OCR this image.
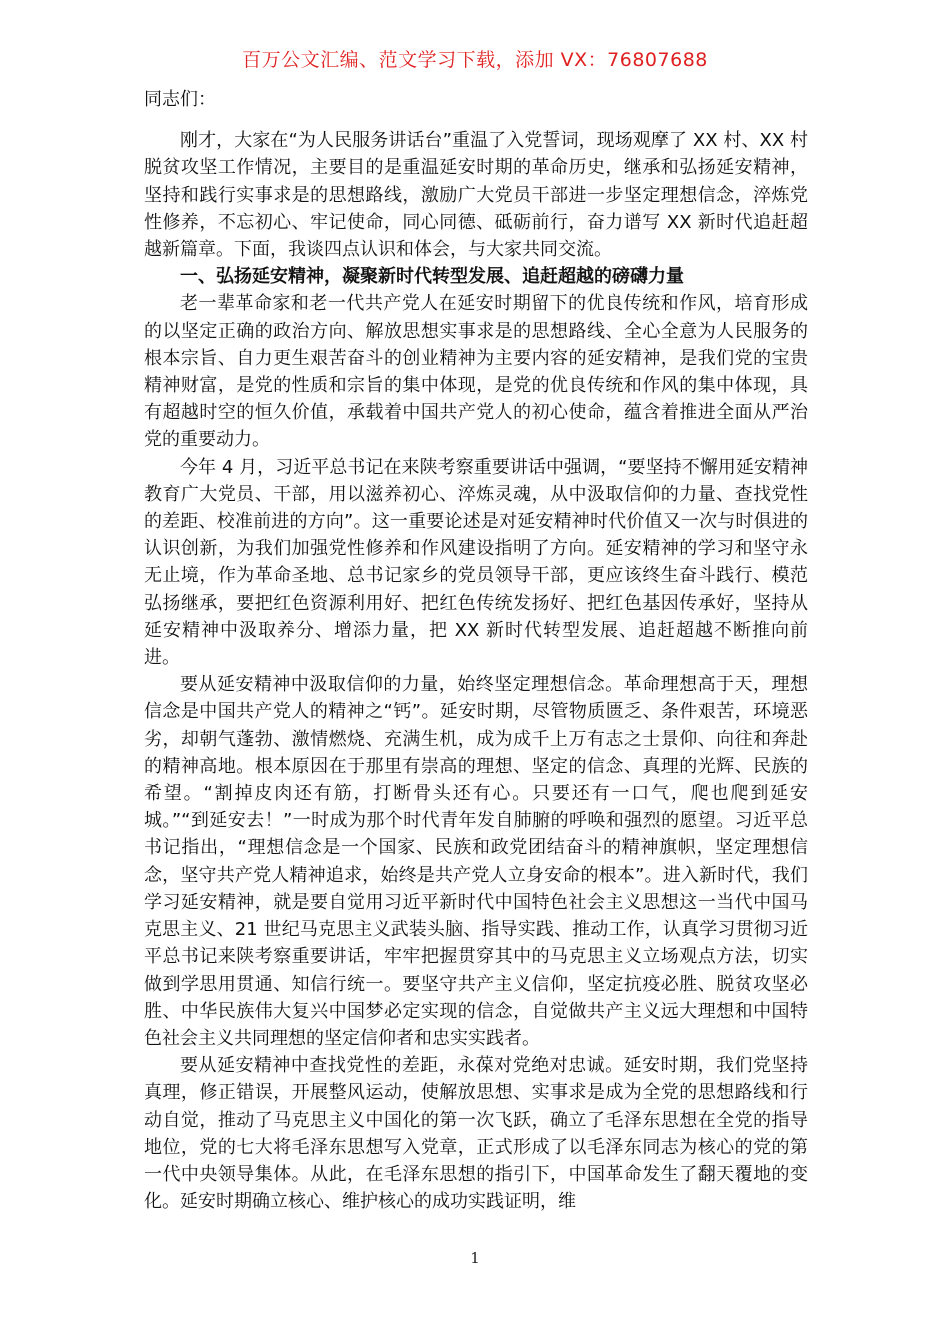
百万公文汇编、范文学习下载，添加 VX：76807688

同志们：

刚才，大家在“为人民服务讲话台”重温了入党誓词，现场观摩了 XX 村、XX 村脱贫攻坚工作情况，主要目的是重温延安时期的革命历史，继承和弘扬延安精神，坚持和践行实事求是的思想路线，激励广大党员干部进一步坚定理想信念，淬炼党性修养，不忘初心、牢记使命，同心同德、砥砺前行，奋力谱写 XX 新时代追赶超越新篇章。下面，我谈四点认识和体会，与大家共同交流。

一、弘扬延安精神，凝聚新时代转型发展、追赶超越的磅礴力量

老一辈革命家和老一代共产党人在延安时期留下的优良传统和作风，培育形成的以坚定正确的政治方向、解放思想实事求是的思想路线、全心全意为人民服务的根本宗旨、自力更生艰苦奋斗的创业精神为主要内容的延安精神，是我们党的宝贵精神财富，是党的性质和宗旨的集中体现，是党的优良传统和作风的集中体现，具有超越时空的恒久价值，承载着中国共产党人的初心使命，蕴含着推进全面从严治党的重要动力。

今年 4 月，习近平总书记在来陕考察重要讲话中强调，“要坚持不懈用延安精神教育广大党员、干部，用以滋养初心、淬炼灵魂，从中汲取信仰的力量、查找党性的差距、校准前进的方向”。这一重要论述是对延安精神时代价值又一次与时俱进的认识创新，为我们加强党性修养和作风建设指明了方向。延安精神的学习和坚守永无止境，作为革命圣地、总书记家乡的党员领导干部，更应该终生奋斗践行、模范弘扬继承，要把红色资源利用好、把红色传统发扬好、把红色基因传承好，坚持从延安精神中汲取养分、增添力量，把 XX 新时代转型发展、追赶超越不断推向前进。

要从延安精神中汲取信仰的力量，始终坚定理想信念。革命理想高于天，理想信念是中国共产党人的精神之“钙”。延安时期，尽管物质匮乏、条件艰苦，环境恶劣，却朝气蓬勃、激情燃烧、充满生机，成为成千上万有志之士景仰、向往和奔赴的精神高地。根本原因在于那里有崇高的理想、坚定的信念、真理的光辉、民族的希望。“割掉皮肉还有筋，打断骨头还有心。只要还有一口气，爬也爬到延安城。”“到延安去！”一时成为那个时代青年发自肺腑的呼唤和强烈的愿望。习近平总书记指出，“理想信念是一个国家、民族和政党团结奋斗的精神旗帜，坚定理想信念，坚守共产党人精神追求，始终是共产党人立身安命的根本”。进入新时代，我们学习延安精神，就是要自觉用习近平新时代中国特色社会主义思想这一当代中国马克思主义、21 世纪马克思主义武装头脑、指导实践、推动工作，认真学习贯彻习近平总书记来陕考察重要讲话，牢牢把握贯穿其中的马克思主义立场观点方法，切实做到学思用贯通、知信行统一。要坚守共产主义信仰，坚定抗疫必胜、脱贫攻坚必胜、中华民族伟大复兴中国梦必定实现的信念，自觉做共产主义远大理想和中国特色社会主义共同理想的坚定信仰者和忠实实践者。

要从延安精神中查找党性的差距，永葆对党绝对忠诚。延安时期，我们党坚持真理，修正错误，开展整风运动，使解放思想、实事求是成为全党的思想路线和行动自觉，推动了马克思主义中国化的第一次飞跃，确立了毛泽东思想在全党的指导地位，党的七大将毛泽东思想写入党章，正式形成了以毛泽东同志为核心的党的第一代中央领导集体。从此，在毛泽东思想的指引下，中国革命发生了翻天覆地的变化。延安时期确立核心、维护核心的成功实践证明，维

1
